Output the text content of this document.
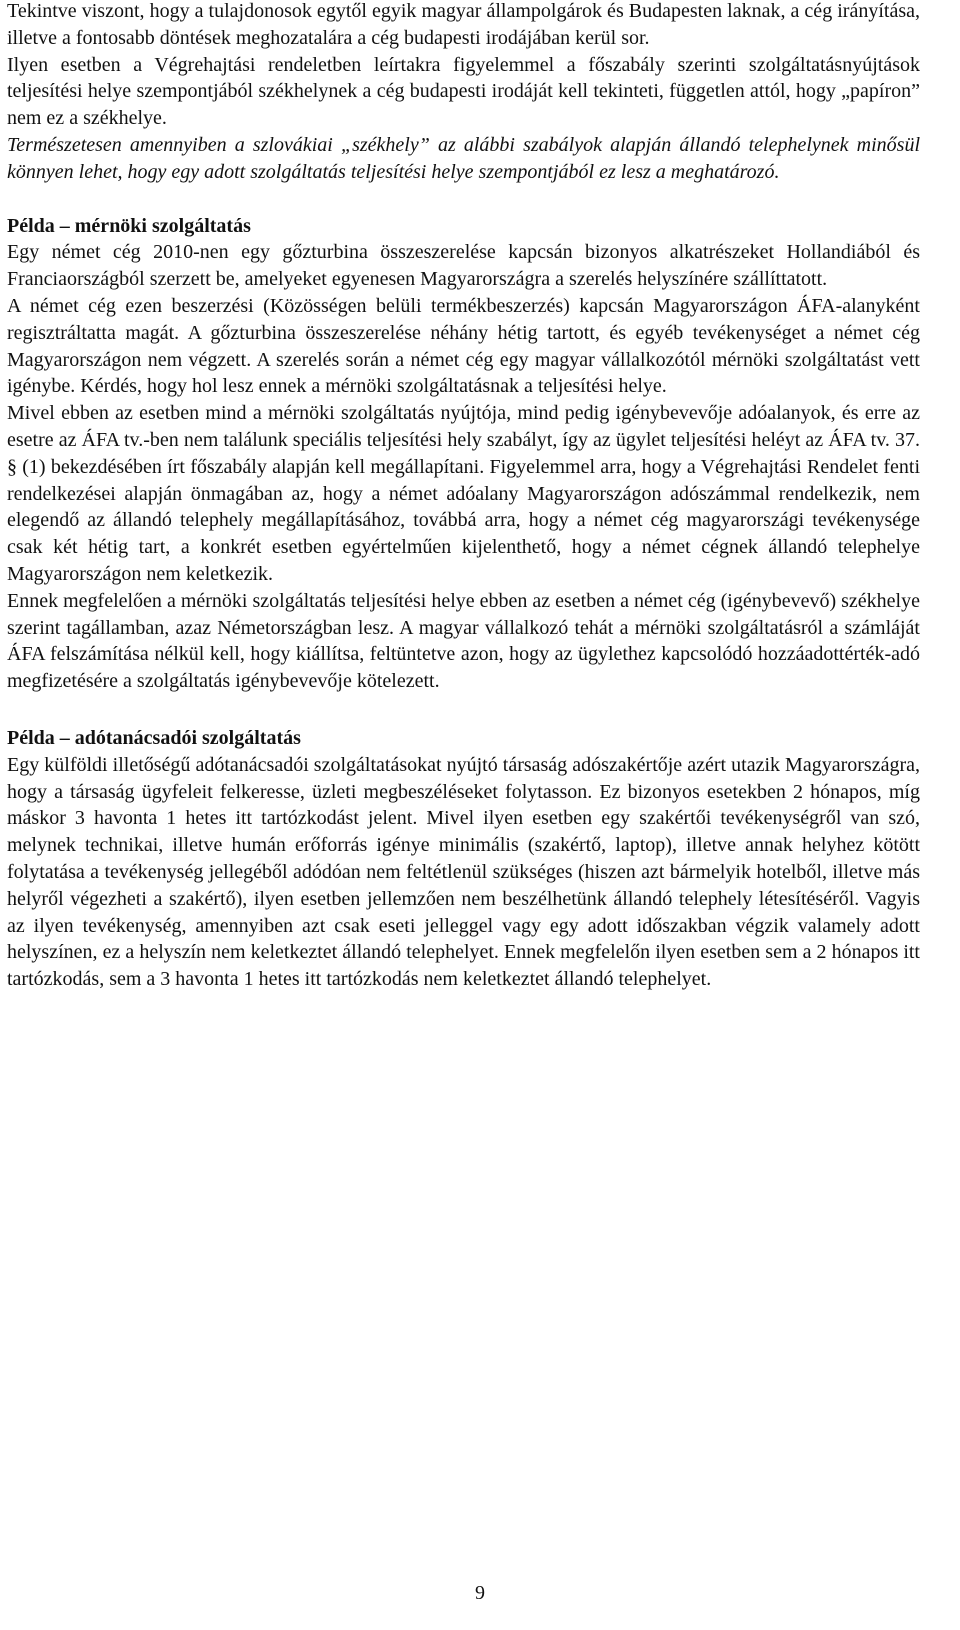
Tekintve viszont, hogy a tulajdonosok egytől egyik magyar állampolgárok és Budapesten laknak, a cég irányítása, illetve a fontosabb döntések meghozatalára a cég budapesti irodájában kerül sor.

Ilyen esetben a Végrehajtási rendeletben leírtakra figyelemmel a főszabály szerinti szolgáltatásnyújtások teljesítési helye szempontjából székhelynek a cég budapesti irodáját kell tekinteti, független attól, hogy „papíron” nem ez a székhelye.

Természetesen amennyiben a szlovákiai „székhely” az alábbi szabályok alapján állandó telephelynek minősül könnyen lehet, hogy egy adott szolgáltatás teljesítési helye szempontjából ez lesz a meghatározó.

Példa – mérnöki szolgáltatás

Egy német cég 2010-nen egy gőzturbina összeszerelése kapcsán bizonyos alkatrészeket Hollandiából és Franciaországból szerzett be, amelyeket egyenesen Magyarországra a szerelés helyszínére szállíttatott.

A német cég ezen beszerzési (Közösségen belüli termékbeszerzés) kapcsán Magyarországon ÁFA-alanyként regisztráltatta magát. A gőzturbina összeszerelése néhány hétig tartott, és egyéb tevékenységet a német cég Magyarországon nem végzett. A szerelés során a német cég egy magyar vállalkozótól mérnöki szolgáltatást vett igénybe. Kérdés, hogy hol lesz ennek a mérnöki szolgáltatásnak a teljesítési helye.

Mivel ebben az esetben mind a mérnöki szolgáltatás nyújtója, mind pedig igénybevevője adóalanyok, és erre az esetre az ÁFA tv.-ben nem találunk speciális teljesítési hely szabályt, így az ügylet teljesítési heléyt az ÁFA tv. 37. § (1) bekezdésében írt főszabály alapján kell megállapítani. Figyelemmel arra, hogy a Végrehajtási Rendelet fenti rendelkezései alapján önmagában az, hogy a német adóalany Magyarországon adószámmal rendelkezik, nem elegendő az állandó telephely megállapításához, továbbá arra, hogy a német cég magyarországi tevékenysége csak két hétig tart, a konkrét esetben egyértelműen kijelenthető, hogy a német cégnek állandó telephelye Magyarországon nem keletkezik.

Ennek megfelelően a mérnöki szolgáltatás teljesítési helye ebben az esetben a német cég (igénybevevő) székhelye szerint tagállamban, azaz Németországban lesz. A magyar vállalkozó tehát a mérnöki szolgáltatásról a számláját ÁFA felszámítása nélkül kell, hogy kiállítsa, feltüntetve azon, hogy az ügylethez kapcsolódó hozzáadottérték-adó megfizetésére a szolgáltatás igénybevevője kötelezett.

Példa – adótanácsadói szolgáltatás

Egy külföldi illetőségű adótanácsadói szolgáltatásokat nyújtó társaság adószakértője azért utazik Magyarországra, hogy a társaság ügyfeleit felkeresse, üzleti megbeszéléseket folytasson. Ez bizonyos esetekben 2 hónapos, míg máskor 3 havonta 1 hetes itt tartózkodást jelent. Mivel ilyen esetben egy szakértői tevékenységről van szó, melynek technikai, illetve humán erőforrás igénye minimális (szakértő, laptop), illetve annak helyhez kötött folytatása a tevékenység jellegéből adódóan nem feltétlenül szükséges (hiszen azt bármelyik hotelből, illetve más helyről végezheti a szakértő), ilyen esetben jellemzően nem beszélhetünk állandó telephely létesítéséről. Vagyis az ilyen tevékenység, amennyiben azt csak eseti jelleggel vagy egy adott időszakban végzik valamely adott helyszínen, ez a helyszín nem keletkeztet állandó telephelyet. Ennek megfelelőn ilyen esetben sem a 2 hónapos itt tartózkodás, sem a 3 havonta 1 hetes itt tartózkodás nem keletkeztet állandó telephelyet.

9
